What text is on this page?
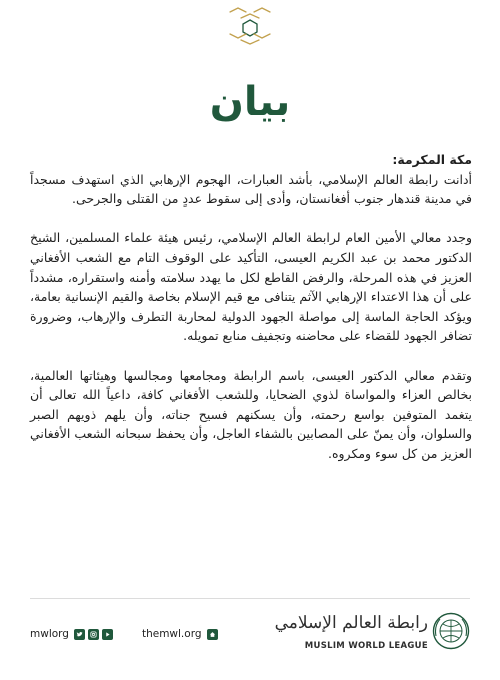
بيان

مكة المكرمة:

أدانت رابطة العالم الإسلامي، بأشد العبارات، الهجوم الإرهابي الذي استهدف مسجداً في مدينة قندهار جنوب أفغانستان، وأدى إلى سقوط عددٍ من القتلى والجرحى.

وجدد معالي الأمين العام لرابطة العالم الإسلامي، رئيس هيئة علماء المسلمين، الشيخ الدكتور محمد بن عبد الكريم العيسى، التأكيد على الوقوف التام مع الشعب الأفغاني العزيز في هذه المرحلة، والرفض القاطع لكل ما يهدد سلامته وأمنه واستقراره، مشدداً على أن هذا الاعتداء الإرهابي الآثم يتنافى مع قيم الإسلام بخاصة والقيم الإنسانية بعامة، ويؤكد الحاجة الماسة إلى مواصلة الجهود الدولية لمحاربة التطرف والإرهاب، وضرورة تضافر الجهود للقضاء على محاضنه وتجفيف منابع تمويله.

وتقدم معالي الدكتور العيسى، باسم الرابطة ومجامعها ومجالسها وهيئاتها العالمية، بخالص العزاء والمواساة لذوي الضحايا، وللشعب الأفغاني كافة، داعياً الله تعالى أن يتغمد المتوفين بواسع رحمته، وأن يسكنهم فسيح جناته، وأن يلهم ذويهم الصبر والسلوان، وأن يمنّ على المصابين بالشفاء العاجل، وأن يحفظ سبحانه الشعب الأفغاني العزيز من كل سوء ومكروه.

mwlorg	themwl.org
رابطة العالم الإسلامي
MUSLIM WORLD LEAGUE
